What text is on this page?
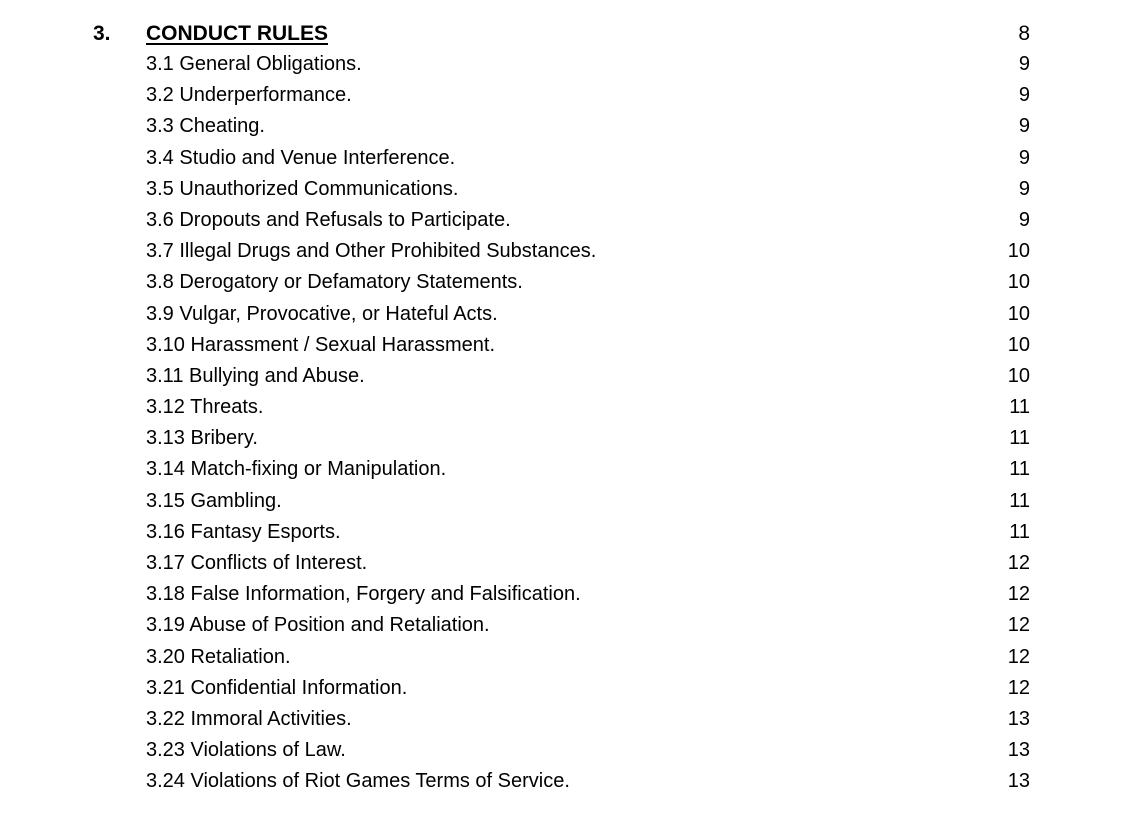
3. CONDUCT RULES	8
3.1 General Obligations.	9
3.2 Underperformance.	9
3.3 Cheating.	9
3.4 Studio and Venue Interference.	9
3.5 Unauthorized Communications.	9
3.6 Dropouts and Refusals to Participate.	9
3.7 Illegal Drugs and Other Prohibited Substances.	10
3.8 Derogatory or Defamatory Statements.	10
3.9 Vulgar, Provocative, or Hateful Acts.	10
3.10 Harassment / Sexual Harassment.	10
3.11 Bullying and Abuse.	10
3.12 Threats.	11
3.13 Bribery.	11
3.14 Match-fixing or Manipulation.	11
3.15 Gambling.	11
3.16 Fantasy Esports.	11
3.17 Conflicts of Interest.	12
3.18 False Information, Forgery and Falsification.	12
3.19 Abuse of Position and Retaliation.	12
3.20 Retaliation.	12
3.21 Confidential Information.	12
3.22 Immoral Activities.	13
3.23 Violations of Law.	13
3.24 Violations of Riot Games Terms of Service.	13
